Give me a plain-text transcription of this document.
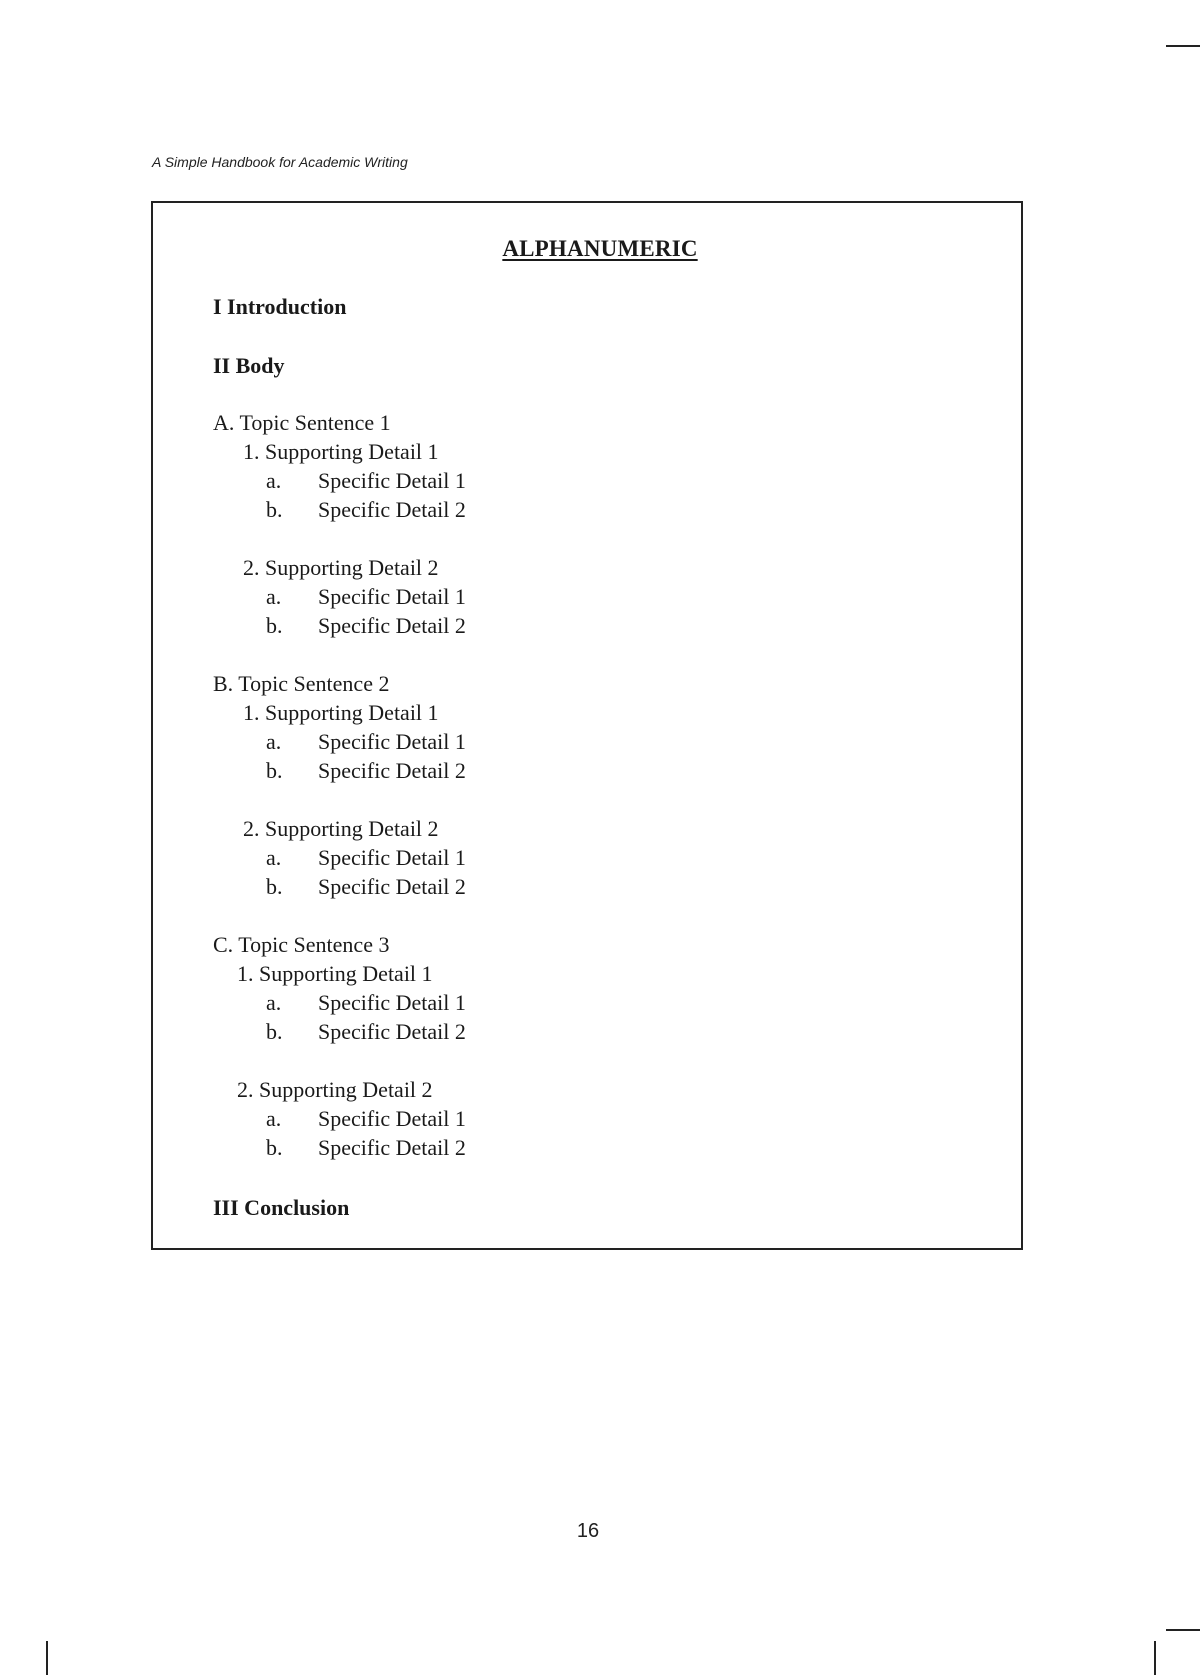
A Simple Handbook for Academic Writing
ALPHANUMERIC
I Introduction
II Body
A. Topic Sentence 1
1. Supporting Detail 1
a.	Specific Detail 1
b.	Specific Detail 2
2. Supporting Detail 2
a.	Specific Detail 1
b.	Specific Detail 2
B. Topic Sentence 2
1. Supporting Detail 1
a.	Specific Detail 1
b.	Specific Detail 2
2. Supporting Detail 2
a.	Specific Detail 1
b.	Specific Detail 2
C. Topic Sentence 3
1. Supporting Detail 1
a.	Specific Detail 1
b.	Specific Detail 2
2. Supporting Detail 2
a.	Specific Detail 1
b.	Specific Detail 2
III Conclusion
16
